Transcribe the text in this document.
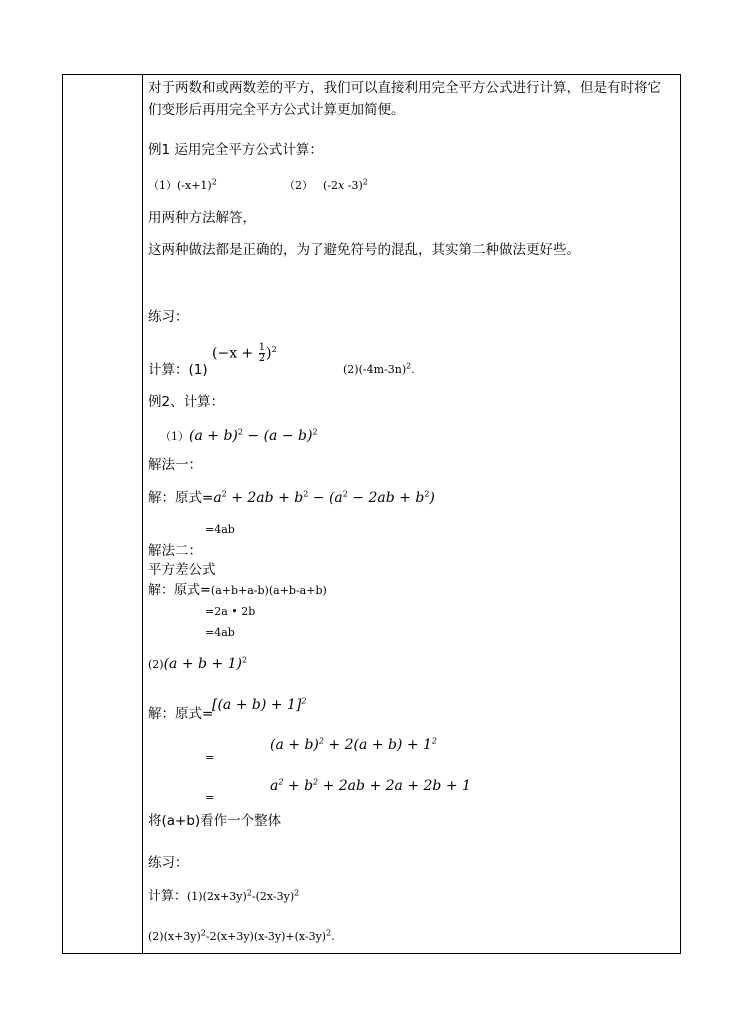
对于两数和或两数差的平方，我们可以直接利用完全平方公式进行计算，但是有时将它
们变形后再用完全平方公式计算更加简便。
例1 运用完全平方公式计算：
$(1)(-x+1)^2$	（2） (-2x -3)$^2$
用两种方法解答，
这两种做法都是正确的，为了避免符号的混乱，其实第二种做法更好些。
练习：
计算：(1)
$(-x + \frac{1}{2} )^2$
$(2)(-4m-3n)^2$.
例2、计算：
$(1)(a + b)^2 - (a - b)^2$
解法一：
解：原式$=a^2 + 2ab + b^2 - (a^2 - 2ab + b^2)$
=4ab
解法二：
平方差公式
解：原式=(a+b+a-b)(a+b-a+b)
=2a • 2b
=4ab
$(2)(a + b + 1)^2$
解：原式=
$[(a + b) + 1]^2$
=
$(a + b)^2 + 2(a + b) + 1^2$
=
$a^2 + b^2 + 2ab + 2a + 2b + 1$
将(a+b)看作一个整体
练习：
计算：$(1)(2x+3y)^2-(2x-3y)^2$
$(2)(x+3y)^2-2(x+3y)(x-3y)+(x-3y)^2$.
